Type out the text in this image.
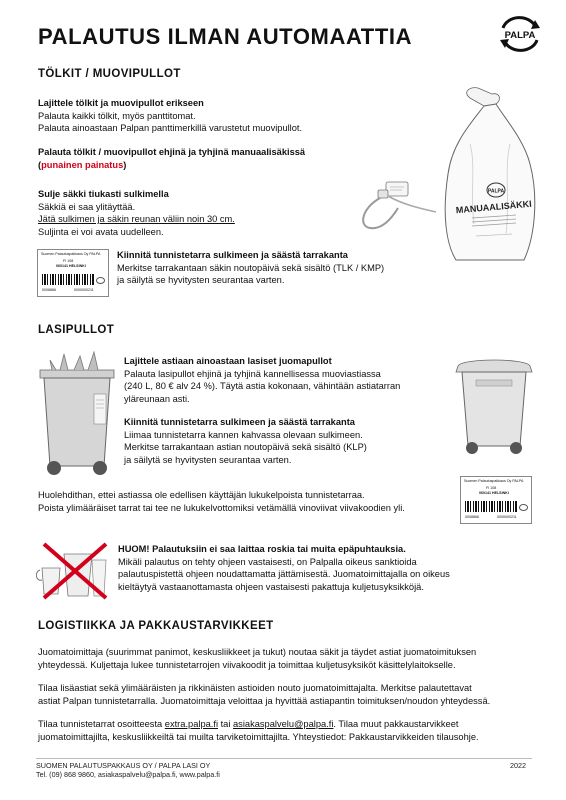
PALAUTUS ILMAN AUTOMAATTIA	PALPA
TÖLKIT / MUOVIPULLOT
Lajittele tölkit ja muovipullot erikseen
Palauta kaikki tölkit, myös panttitomat.
Palauta ainoastaan Palpan panttimerkillä varustetut muovipullot.
Palauta tölkit / muovipullot ehjinä ja tyhjinä manuaalisäkissä
(punainen painatus)
Sulje säkki tiukasti sulkimella
Säkkiä ei saa ylitäyttää.
Jätä sulkimen ja säkin reunan väliin noin 30 cm.
Suljinta ei voi avata uudelleen.
Suomen Palautuspakkaus Oy PALPA
FI 108
060141 HELSINKI
0008866	0000000211
Kiinnitä tunnistetarra sulkimeen ja säästä tarrakanta
Merkitse tarrakantaan säkin noutopäivä sekä sisältö (TLK / KMP)
ja säilytä se hyvitysten seurantaa varten.
PALPA
MANUAALISÄKKI
LASIPULLOT
Lajittele astiaan ainoastaan lasiset juomapullot
Palauta lasipullot ehjinä ja tyhjinä kannellisessa muoviastiassa
(240 L, 80 € alv 24 %). Täytä astia kokonaan, vähintään astiatarran
yläreunaan asti.
Kiinnitä tunnistetarra sulkimeen ja säästä tarrakanta
Liimaa tunnistetarra kannen kahvassa olevaan sulkimeen.
Merkitse tarrakantaan astian noutopäivä sekä sisältö (KLP)
ja säilytä se hyvitysten seurantaa varten.
Suomen Palautuspakkaus Oy PALPA
FI 108
060141 HELSINKI
0008866	0000000211
Huolehdithan, ettei astiassa ole edellisen käyttäjän lukukelpoista tunnistetarraa.
Poista ylimääräiset tarrat tai tee ne lukukelvottomiksi vetämällä vinoviivat viivakoodien yli.
HUOM! Palautuksiin ei saa laittaa roskia tai muita epäpuhtauksia.
Mikäli palautus on tehty ohjeen vastaisesti, on Palpalla oikeus sanktioida
palautuspistettä ohjeen noudattamatta jättämisestä. Juomatoimittajalla on oikeus
kieltäytyä vastaanottamasta ohjeen vastaisesti pakattuja kuljetusyksikköjä.
LOGISTIIKKA JA PAKKAUSTARVIKKEET
Juomatoimittaja (suurimmat panimot, keskusliikkeet ja tukut) noutaa säkit ja täydet astiat juomatoimituksen
yhteydessä. Kuljettaja lukee tunnistetarrojen viivakoodit ja toimittaa kuljetusyksiköt käsittelylaitokselle.
Tilaa lisäastiat sekä ylimääräisten ja rikkinäisten astioiden nouto juomatoimittajalta. Merkitse palautettavat
astiat Palpan tunnistetarralla. Juomatoimittaja veloittaa ja hyvittää astiapantin toimituksen/noudon yhteydessä.
Tilaa tunnistetarrat osoitteesta extra.palpa.fi tai asiakaspalvelu@palpa.fi. Tilaa muut pakkaustarvikkeet
juomatoimittajilta, keskusliikkeiltä tai muilta tarviketoimittajilta. Yhteystiedot: Pakkaustarvikkeiden tilausohje.
SUOMEN PALAUTUSPAKKAUS OY / PALPA LASI OY
Tel. (09) 868 9860, asiakaspalvelu@palpa.fi, www.palpa.fi
2022
